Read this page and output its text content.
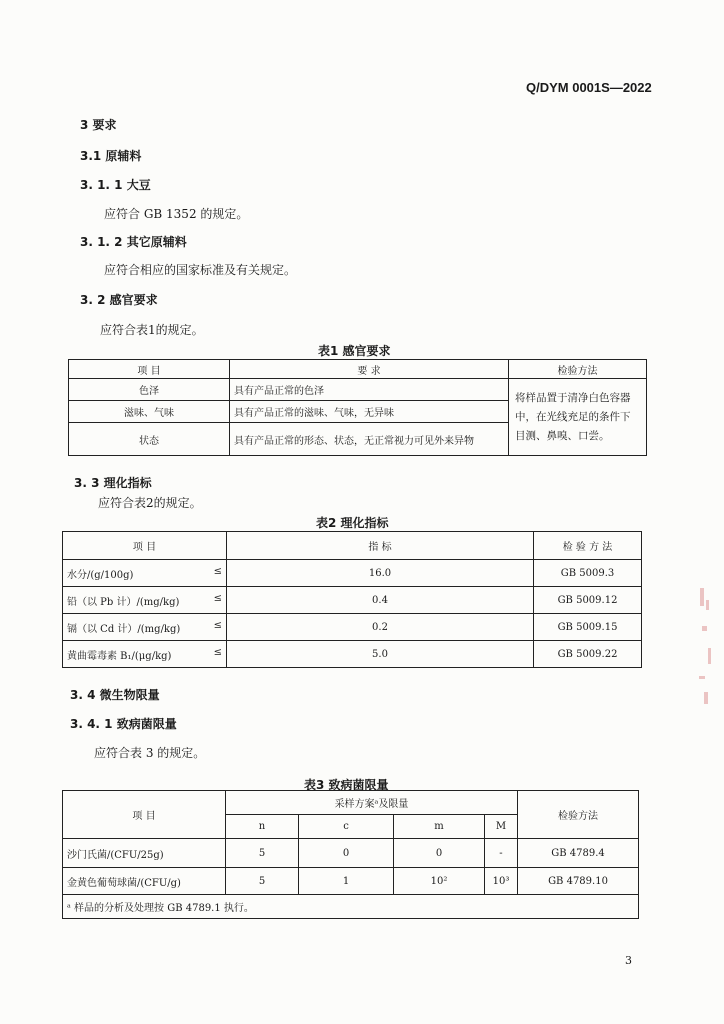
Q/DYM 0001S—2022
3 要求
3.1 原辅料
3. 1. 1 大豆
应符合 GB 1352 的规定。
3. 1. 2 其它原辅料
应符合相应的国家标准及有关规定。
3. 2 感官要求
应符合表1的规定。
表1 感官要求
项 目	要 求	检验方法
色泽	具有产品正常的色泽	将样品置于清净白色容器中，在光线充足的条件下目测、鼻嗅、口尝。
滋味、气味	具有产品正常的滋味、气味，无异味	
状态	具有产品正常的形态、状态，无正常视力可见外来异物	
3. 3 理化指标
应符合表2的规定。
表2 理化指标
项 目	指 标	检 验 方 法
水分/(g/100g) ≤	16.0	GB 5009.3
铅（以 Pb 计）/(mg/kg) ≤	0.4	GB 5009.12
镉（以 Cd 计）/(mg/kg) ≤	0.2	GB 5009.15
黄曲霉毒素 B₁/(μg/kg) ≤	5.0	GB 5009.22
3. 4 微生物限量
3. 4. 1 致病菌限量
应符合表 3 的规定。
表3 致病菌限量
项 目	采样方案ᵃ及限量				检验方法
	n	c	m	M	
沙门氏菌/(CFU/25g)	5	0	0	-	GB 4789.4
金黄色葡萄球菌/(CFU/g)	5	1	10²	10³	GB 4789.10
ᵃ 样品的分析及处理按 GB 4789.1 执行。					
3
